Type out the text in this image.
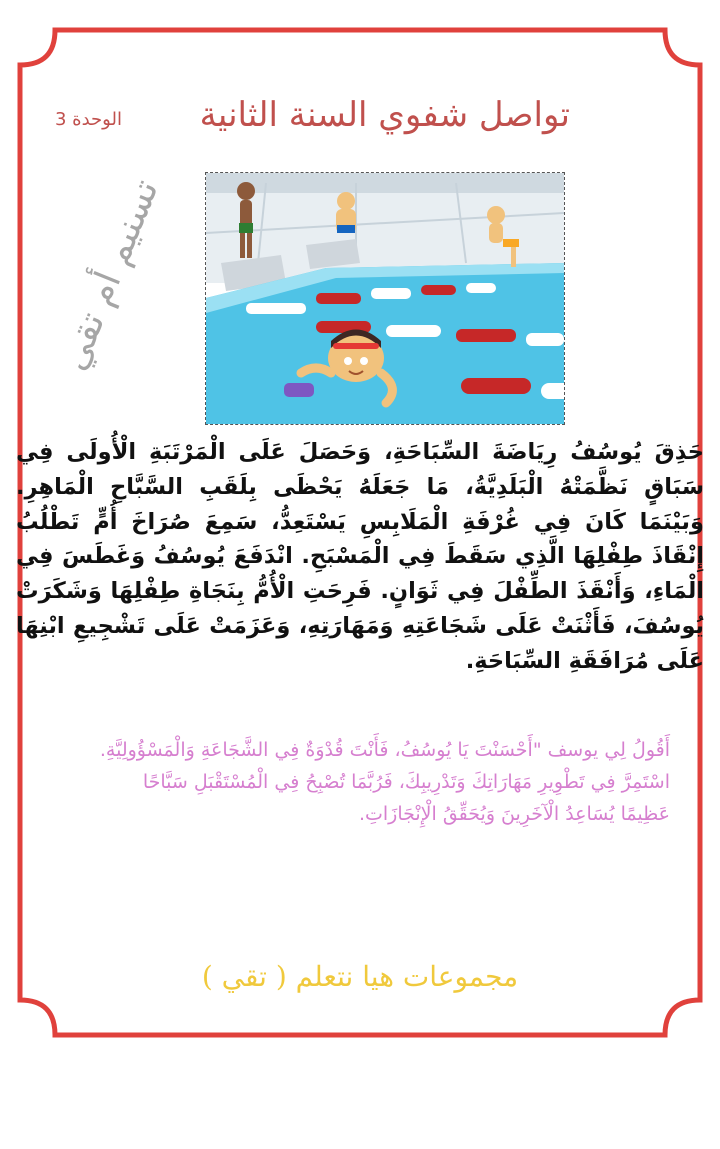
تواصل شفوي السنة الثانية
الوحدة 3
تسنيم أم تقي
حَذِقَ يُوسُفُ رِيَاضَةَ السِّبَاحَةِ، وَحَصَلَ عَلَى الْمَرْتَبَةِ الْأُولَى فِي سَبَاقٍ نَظَّمَتْهُ الْبَلَدِيَّةُ، مَا جَعَلَهُ يَحْظَى بِلَقَبِ السَّبَّاحِ الْمَاهِرِ. وَبَيْنَمَا كَانَ فِي غُرْفَةِ الْمَلَابِسِ يَسْتَعِدُّ، سَمِعَ صُرَاخَ أُمٍّ تَطْلُبُ إِنْقَاذَ طِفْلِهَا الَّذِي سَقَطَ فِي الْمَسْبَحِ. انْدَفَعَ يُوسُفُ وَغَطَسَ فِي الْمَاءِ، وَأَنْقَذَ الطِّفْلَ فِي ثَوَانٍ. فَرِحَتِ الْأُمُّ بِنَجَاةِ طِفْلِهَا وَشَكَرَتْ يُوسُفَ، فَأَثْنَتْ عَلَى شَجَاعَتِهِ وَمَهَارَتِهِ، وَعَزَمَتْ عَلَى تَشْجِيعِ ابْنِهَا عَلَى مُرَافَقَةِ السِّبَاحَةِ.
أَقُولُ لِي يوسف "أَحْسَنْتَ يَا يُوسُفُ، فَأَنْتَ قُدْوَةٌ فِي الشَّجَاعَةِ وَالْمَسْؤُولِيَّةِ. اسْتَمِرَّ فِي تَطْوِيرِ مَهَارَاتِكَ وَتَدْرِيبِكَ، فَرُبَّمَا تُصْبِحُ فِي الْمُسْتَقْبَلِ سَبَّاحًا عَظِيمًا يُسَاعِدُ الْآخَرِينَ وَيُحَقِّقُ الْإِنْجَازَاتِ.
مجموعات هيا نتعلم ( تقي )
